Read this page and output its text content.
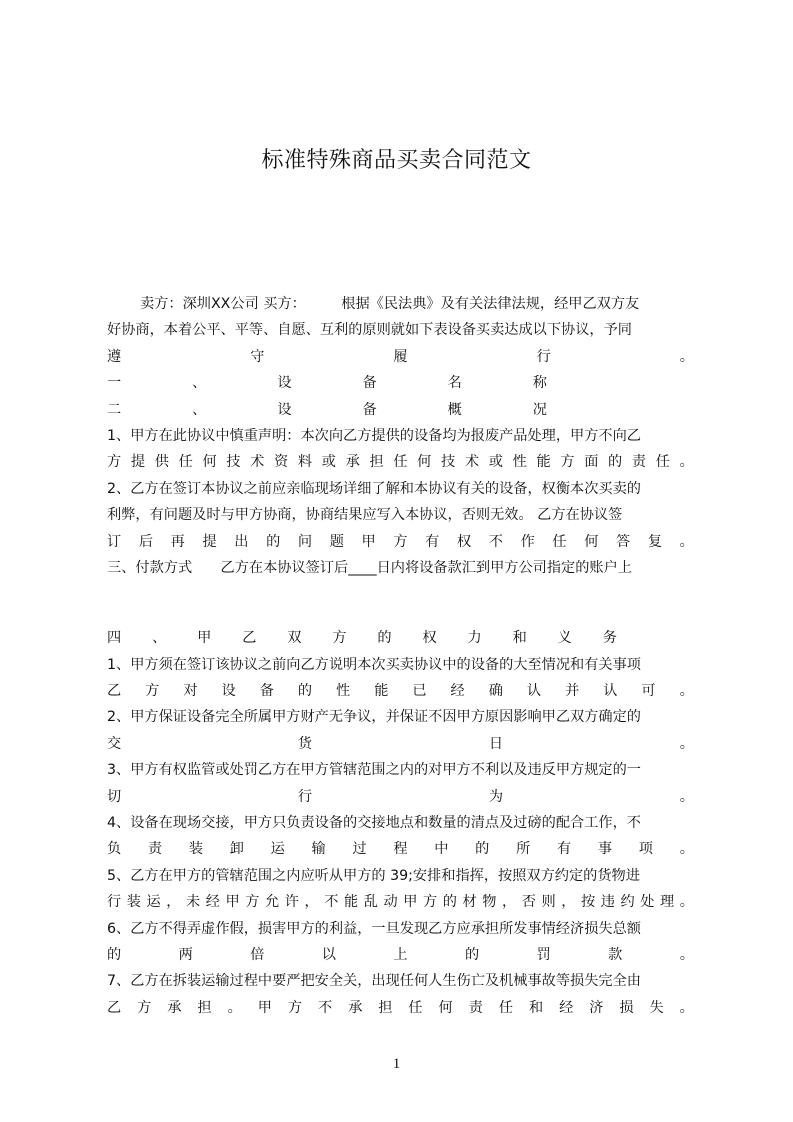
标准特殊商品买卖合同范文
卖方：深圳XX公司 买方：　　　根据《民法典》及有关法律法规，经甲乙双方友
好协商，本着公平、平等、自愿、互利的原则就如下表设备买卖达成以下协议，予同
遵	守	履	行	。
一	、	设	备	名	称
二	、	设	备	概	况
1、甲方在此协议中慎重声明：本次向乙方提供的设备均为报废产品处理，甲方不向乙
方 提 供 任 何 技 术 资 料 或 承 担 任 何 技 术 或 性 能 方 面 的 责 任 。
2、乙方在签订本协议之前应亲临现场详细了解和本协议有关的设备，权衡本次买卖的
利弊，有问题及时与甲方协商，协商结果应写入本协议，否则无效。 乙方在协议签
订 后 再 提 出 的 问 题 甲 方 有 权 不 作 任 何 答 复 。
三、付款方式　　乙方在本协议签订后____日内将设备款汇到甲方公司指定的账户上
四 、 甲 乙 双 方 的 权 力 和 义 务
1、甲方须在签订该协议之前向乙方说明本次买卖协议中的设备的大至情况和有关事项
乙 方 对 设 备 的 性 能 已 经 确 认 并 认 可 。
2、甲方保证设备完全所属甲方财产无争议，并保证不因甲方原因影响甲乙双方确定的
交	货	日	。
3、甲方有权监管或处罚乙方在甲方管辖范围之内的对甲方不利以及违反甲方规定的一
切	行	为	。
4、设备在现场交接，甲方只负责设备的交接地点和数量的清点及过磅的配合工作，不
负 责 装 卸 运 输 过 程 中 的 所 有 事 项 。
5、乙方在甲方的管辖范围之内应听从甲方的 39;安排和指挥，按照双方约定的货物进
行 装 运 ， 未 经 甲 方 允 许 ， 不 能 乱 动 甲 方 的 材 物 ， 否 则 ， 按 违 约 处 理 。
6、乙方不得弄虚作假，损害甲方的利益，一旦发现乙方应承担所发事情经济损失总额
的	两	倍	以	上	的	罚	款	。
7、乙方在拆装运输过程中要严把安全关，出现任何人生伤亡及机械事故等损失完全由
乙 方 承 担 。 甲 方 不 承 担 任 何 责 任 和 经 济 损 失 。
1
